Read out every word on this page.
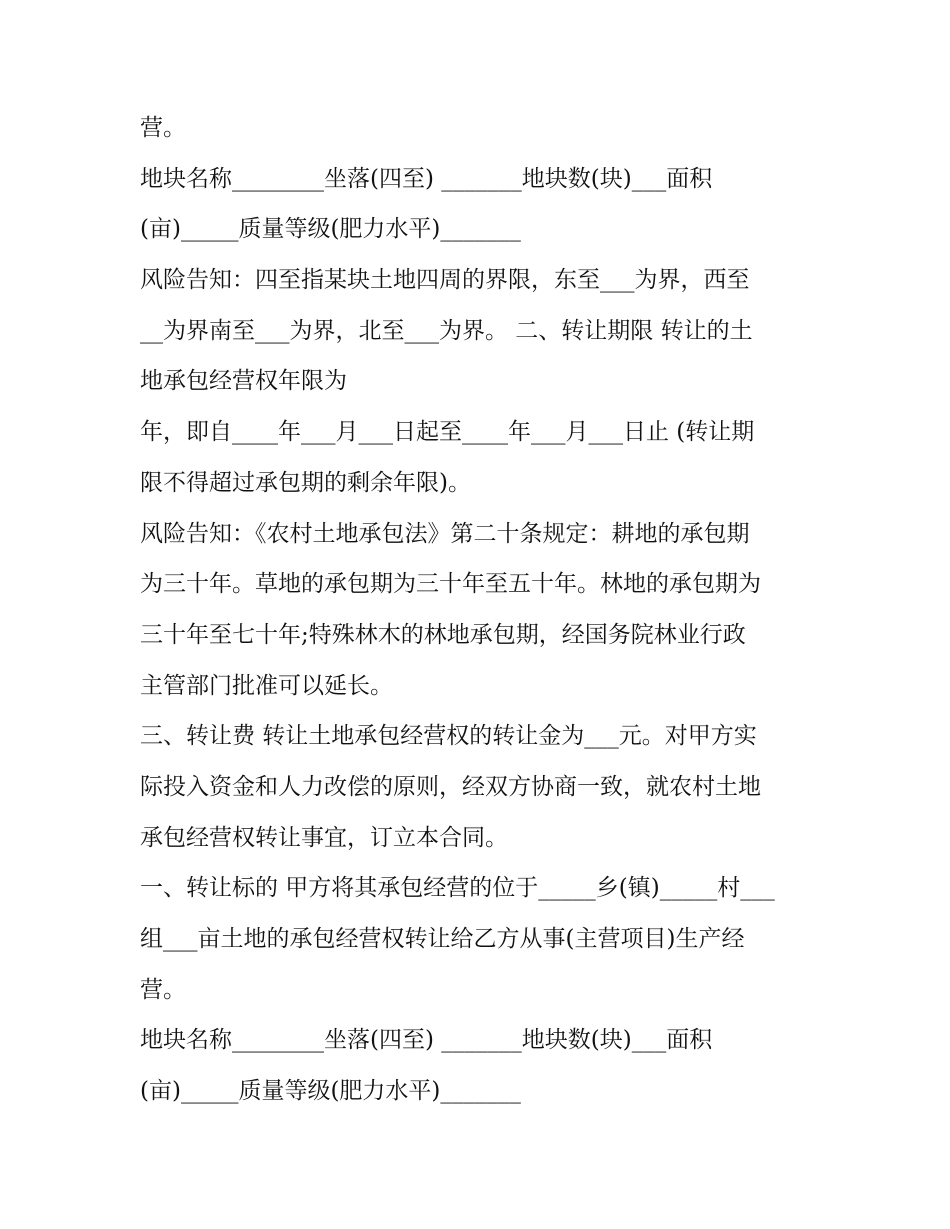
营。
地块名称________坐落(四至) _______地块数(块)___面积
(亩)_____质量等级(肥力水平)_______
风险告知：四至指某块土地四周的界限，东至___为界，西至
__为界南至___为界，北至___为界。 二、转让期限 转让的土
地承包经营权年限为
年，即自____年___月___日起至____年___月___日止 (转让期
限不得超过承包期的剩余年限)。
风险告知：《农村土地承包法》第二十条规定：耕地的承包期
为三十年。草地的承包期为三十年至五十年。林地的承包期为
三十年至七十年;特殊林木的林地承包期，经国务院林业行政
主管部门批准可以延长。
三、转让费 转让土地承包经营权的转让金为___元。对甲方实
际投入资金和人力改偿的原则，经双方协商一致，就农村土地
承包经营权转让事宜，订立本合同。
一、转让标的 甲方将其承包经营的位于_____乡(镇)_____村___
组___亩土地的承包经营权转让给乙方从事(主营项目)生产经
营。
地块名称________坐落(四至) _______地块数(块)___面积
(亩)_____质量等级(肥力水平)_______
